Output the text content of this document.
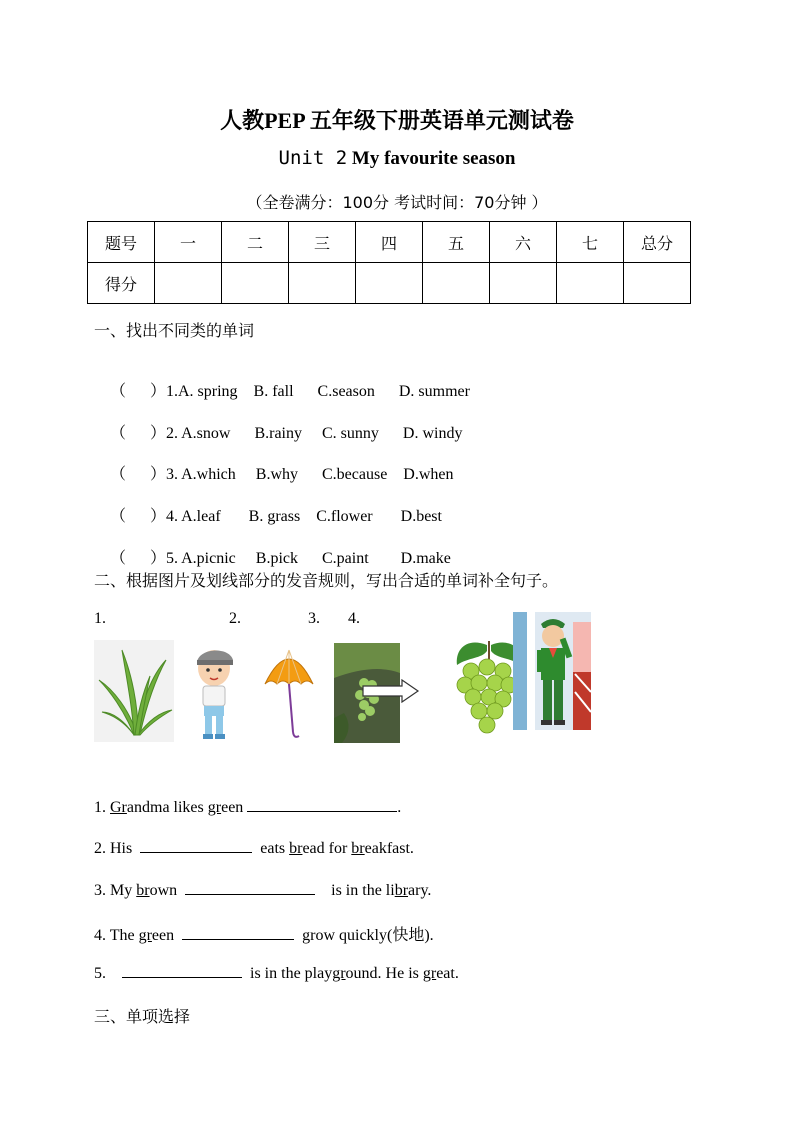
人教PEP 五年级下册英语单元测试卷
Unit 2 My favourite season
（全卷满分：100分 考试时间：70分钟 ）
题号	一	二	三	四	五	六	七	总分
得分								
一、找出不同类的单词

（      ）1.A. spring    B. fall      C.season      D. summer

（      ）2. A.snow      B.rainy     C. sunny      D. windy

（      ）3. A.which     B.why      C.because    D.when

（      ）4. A.leaf       B. grass    C.flower       D.best

（      ）5. A.picnic     B.pick      C.paint        D.make

二、根据图片及划线部分的发音规则，写出合适的单词补全句子。
1.	2.	3. 4.
1. Grandma likes green	.
2. His	eats bread for breakfast.
3. My brown	is in the library.
4. The green	grow quickly(快地).
5.	is in the playground. He is great.
三、单项选择
